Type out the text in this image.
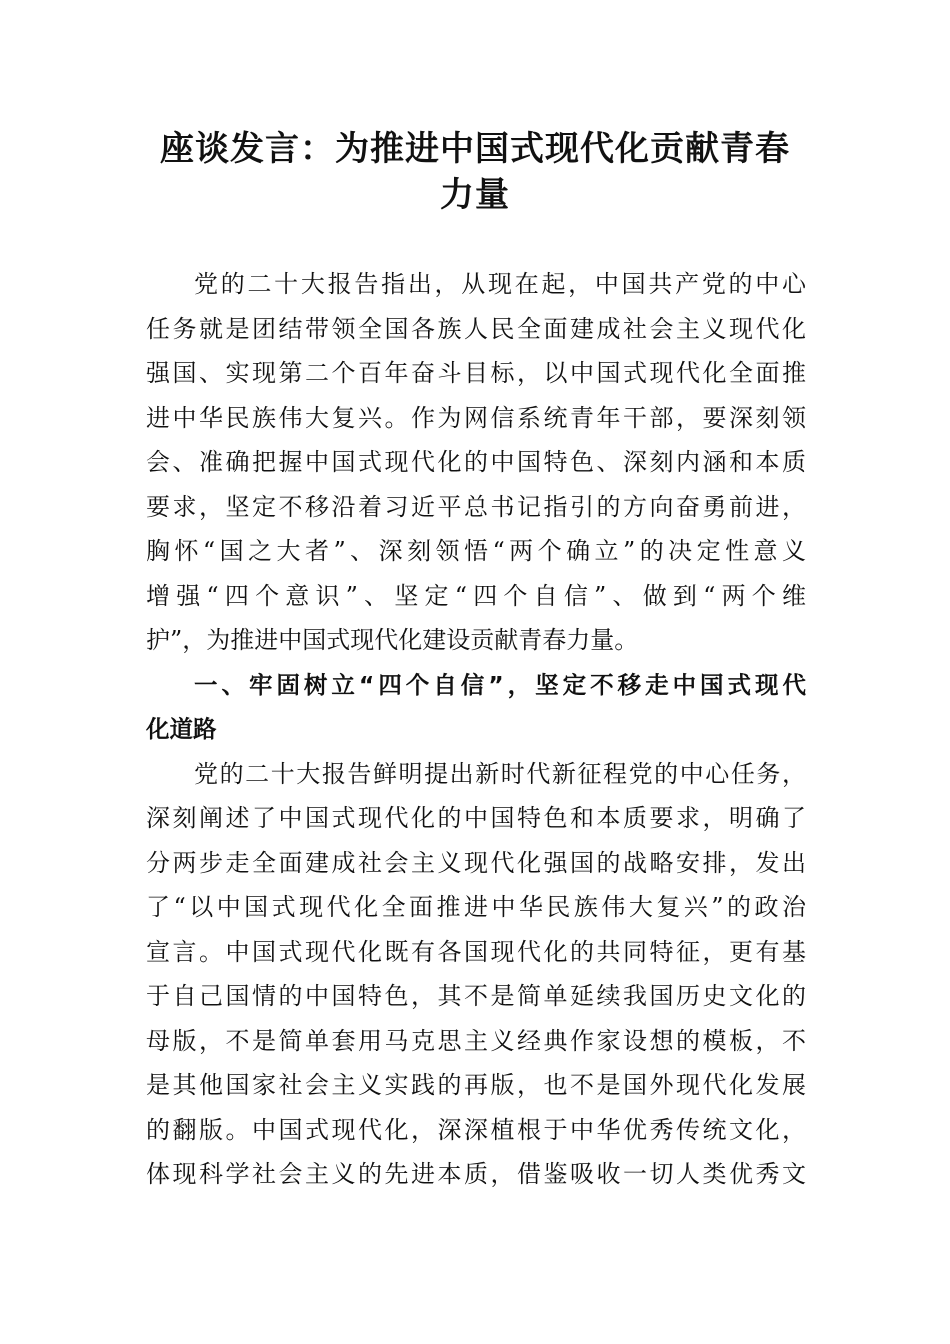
座谈发言：为推进中国式现代化贡献青春
力量
党的二十大报告指出，从现在起，中国共产党的中心
任务就是团结带领全国各族人民全面建成社会主义现代化
强国、实现第二个百年奋斗目标，以中国式现代化全面推
进中华民族伟大复兴。作为网信系统青年干部，要深刻领
会、准确把握中国式现代化的中国特色、深刻内涵和本质
要求，坚定不移沿着习近平总书记指引的方向奋勇前进，
胸怀“国之大者”、深刻领悟“两个确立”的决定性意义
增强“四个意识”、坚定“四个自信”、做到“两个维
护”，为推进中国式现代化建设贡献青春力量。
一、牢固树立“四个自信”，坚定不移走中国式现代
化道路
党的二十大报告鲜明提出新时代新征程党的中心任务，
深刻阐述了中国式现代化的中国特色和本质要求，明确了
分两步走全面建成社会主义现代化强国的战略安排，发出
了“以中国式现代化全面推进中华民族伟大复兴”的政治
宣言。中国式现代化既有各国现代化的共同特征，更有基
于自己国情的中国特色，其不是简单延续我国历史文化的
母版，不是简单套用马克思主义经典作家设想的模板，不
是其他国家社会主义实践的再版，也不是国外现代化发展
的翻版。中国式现代化，深深植根于中华优秀传统文化，
体现科学社会主义的先进本质，借鉴吸收一切人类优秀文
